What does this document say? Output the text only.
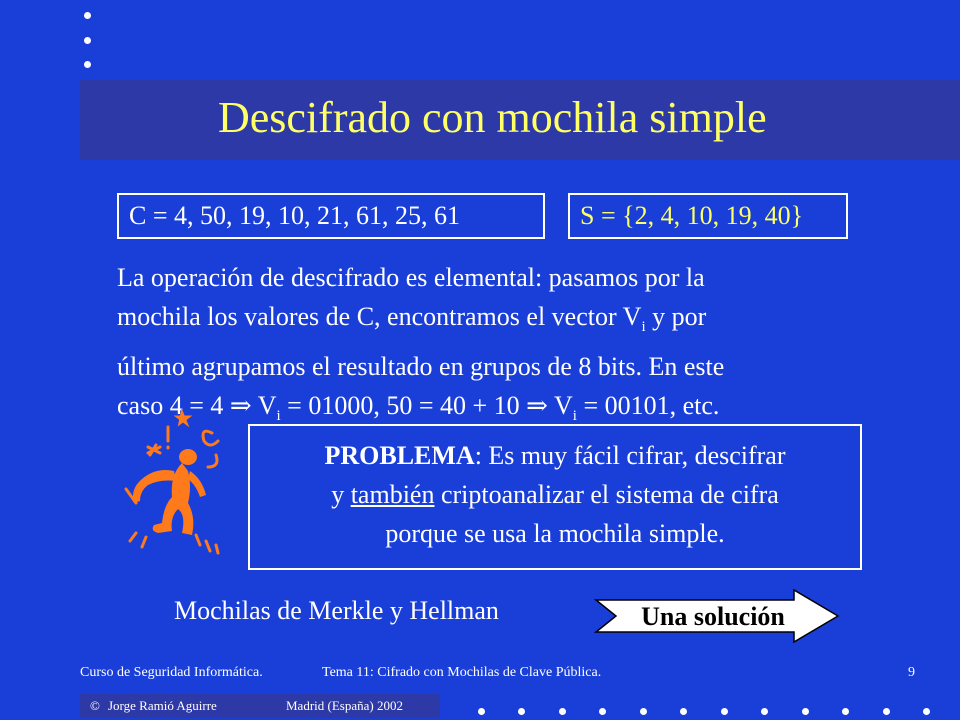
Descifrado con mochila simple
C = 4, 50, 19, 10, 21, 61, 25, 61	S = {2, 4, 10, 19, 40}
La operación de descifrado es elemental: pasamos por la
mochila los valores de C, encontramos el vector $V_i$ y por
último agrupamos el resultado en grupos de 8 bits. En este
caso 4 = 4 ⇒ $V_i = 01000$, 50 = 40 + 10 ⇒ $V_i = 00101$, etc.
PROBLEMA: Es muy fácil cifrar, descifrar
y también criptoanalizar el sistema de cifra
porque se usa la mochila simple.
Mochilas de Merkle y Hellman	Una solución
Curso de Seguridad Informática.	Tema 11: Cifrado con Mochilas de Clave Pública.	9
© Jorge Ramió Aguirre	Madrid (España) 2002
